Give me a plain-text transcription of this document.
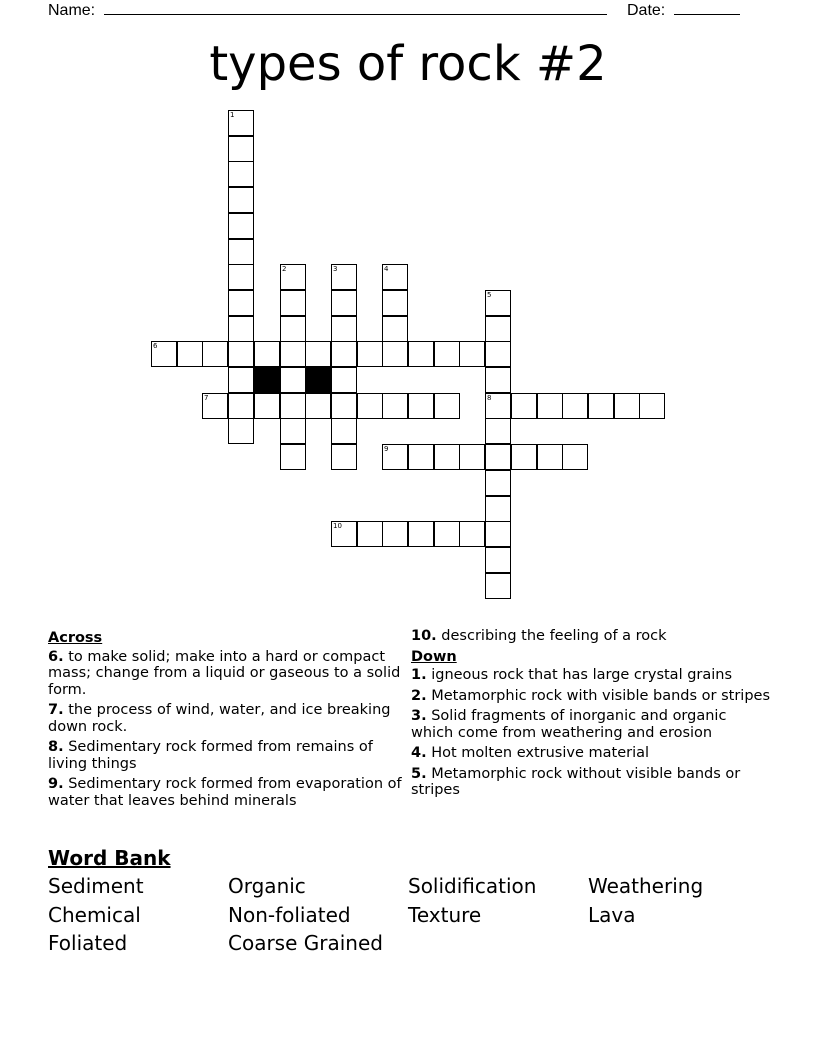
Name:	Date:
types of rock #2
1
2	3	4
5
8
6
7
9
10
Across
6. to make solid; make into a hard or compact mass; change from a liquid or gaseous to a solid form.
7. the process of wind, water, and ice breaking down rock.
8. Sedimentary rock formed from remains of living things
9. Sedimentary rock formed from evaporation of water that leaves behind minerals
10. describing the feeling of a rock
Down
1. igneous rock that has large crystal grains
2. Metamorphic rock with visible bands or stripes
3. Solid fragments of inorganic and organic which come from weathering and erosion
4. Hot molten extrusive material
5. Metamorphic rock without visible bands or stripes
Word Bank
Sediment	Organic	Solidification	Weathering
Chemical	Non-foliated	Texture	Lava
Foliated	Coarse Grained
